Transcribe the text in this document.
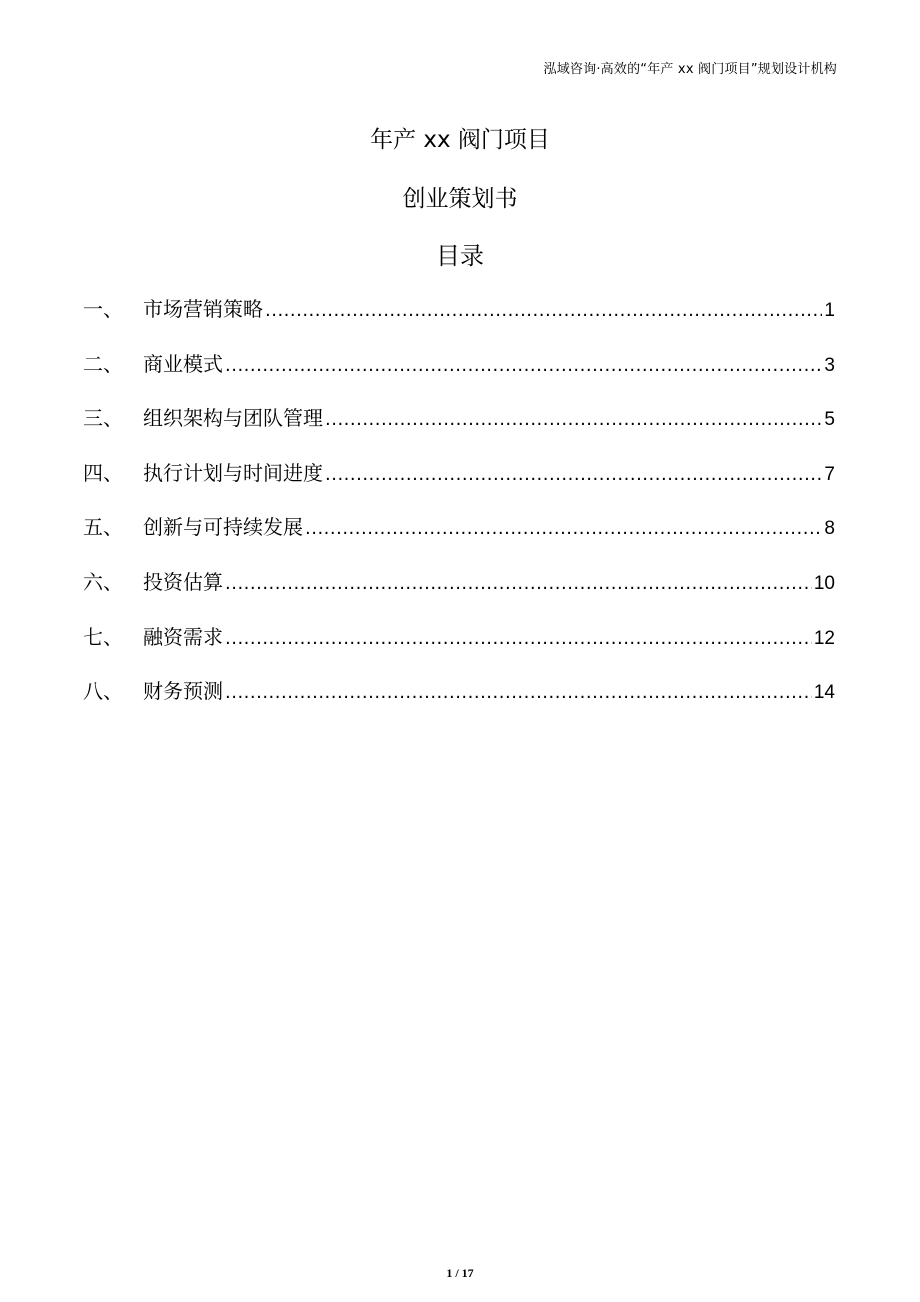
泓域咨询·高效的“年产 xx 阀门项目”规划设计机构
年产 xx 阀门项目
创业策划书
目录
一、	市场营销策略 .....	1
二、	商业模式 .....	3
三、	组织架构与团队管理 .....	5
四、	执行计划与时间进度 .....	7
五、	创新与可持续发展 .....	8
六、	投资估算 .....	10
七、	融资需求 .....	12
八、	财务预测 .....	14
1 / 17
